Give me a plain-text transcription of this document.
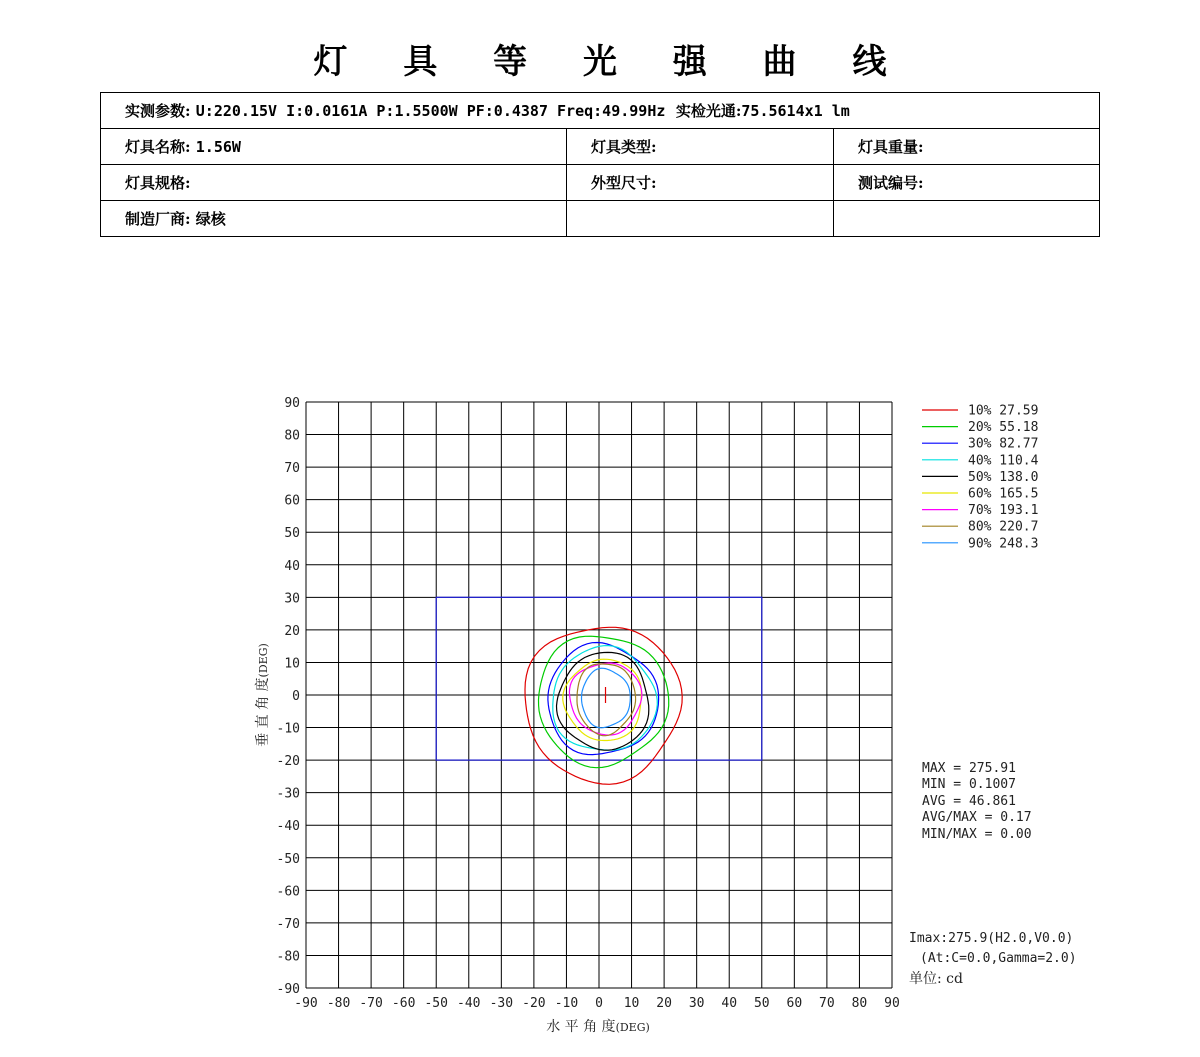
灯 具 等 光 强 曲 线
实测参数: U:220.15V I:0.0161A P:1.5500W PF:0.4387 Freq:49.99Hz 实检光通:75.5614x1 lm		
灯具名称: 1.56W	灯具类型:	灯具重量:
灯具规格:	外型尺寸:	测试编号:
制造厂商: 绿核		
-90 -80 -70 -60 -50 -40 -30 -20 -10 0 10 20 30 40 50 60 70 80 90
90
80
70
60
50
40
30
20
10
0
-10
-20
-30
-40
-50
-60
-70
-80
-90
水 平 角 度(DEG)
垂 直 角 度(DEG)
10% 27.59
20% 55.18
30% 82.77
40% 110.4
50% 138.0
60% 165.5
70% 193.1
80% 220.7
90% 248.3
MAX = 275.91
MIN = 0.1007
AVG = 46.861
AVG/MAX = 0.17
MIN/MAX = 0.00
Imax:275.9(H2.0,V0.0)
(At:C=0.0,Gamma=2.0)
单位: cd
